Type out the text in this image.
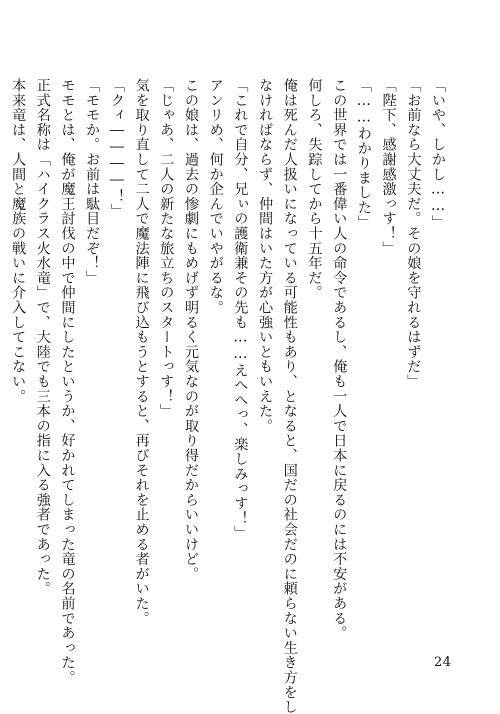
「いや、しかし……」
「お前なら大丈夫だ。その娘を守れるはずだ」
「陛下、感謝感激っす！」
「……わかりました」
この世界では一番偉い人の命令であるし、俺も一人で日本に戻るのには不安がある。
何しろ、失踪してから十五年だ。
俺は死んだ人扱いになっている可能性もあり、となると、国だの社会だのに頼らない生き方をし
なければならず、仲間はいた方が心強いともいえた。
「これで自分、兄ぃの護衛兼その先も……えへへっ、楽しみっす！」
アンリめ、何か企んでいやがるな。
この娘は、過去の惨劇にもめげず明るく元気なのが取り得だからいいけど。
「じゃあ、二人の新たな旅立ちのスタートっす！」
気を取り直して二人で魔法陣に飛び込もうとすると、再びそれを止める者がいた。
「クィ――――！」
「モモか。お前は駄目だぞ！」
モモとは、俺が魔王討伐の中で仲間にしたというか、好かれてしまった竜の名前であった。
正式名称は「ハイクラス火水竜」で、大陸でも三本の指に入る強者であった。
本来竜は、人間と魔族の戦いに介入してこない。
24
